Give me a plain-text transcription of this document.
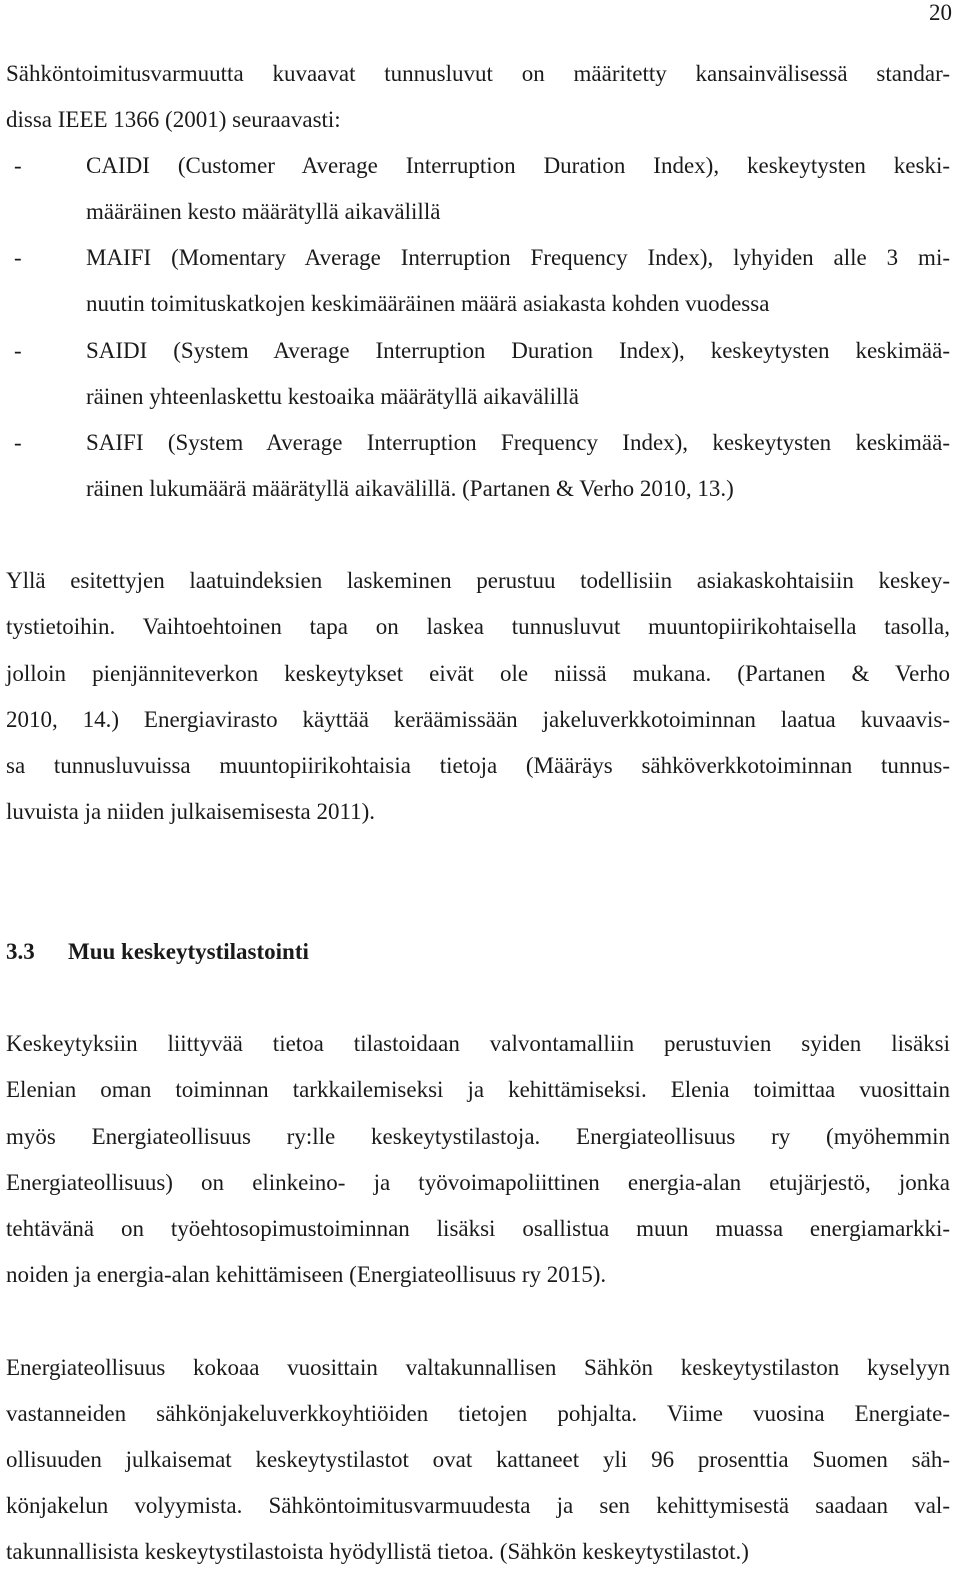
20
Sähköntoimitusvarmuutta kuvaavat tunnusluvut on määritetty kansainvälisessä standar-
dissa IEEE 1366 (2001) seuraavasti:
-	CAIDI (Customer Average Interruption Duration Index), keskeytysten keski-
määräinen kesto määrätyllä aikavälillä
-	MAIFI (Momentary Average Interruption Frequency Index), lyhyiden alle 3 mi-
nuutin toimituskatkojen keskimääräinen määrä asiakasta kohden vuodessa
-	SAIDI (System Average Interruption Duration Index), keskeytysten keskimää-
räinen yhteenlaskettu kestoaika määrätyllä aikavälillä
-	SAIFI (System Average Interruption Frequency Index), keskeytysten keskimää-
räinen lukumäärä määrätyllä aikavälillä. (Partanen & Verho 2010, 13.)
Yllä esitettyjen laatuindeksien laskeminen perustuu todellisiin asiakaskohtaisiin keskey-
tystietoihin. Vaihtoehtoinen tapa on laskea tunnusluvut muuntopiirikohtaisella tasolla,
jolloin pienjänniteverkon keskeytykset eivät ole niissä mukana. (Partanen & Verho
2010, 14.) Energiavirasto käyttää keräämissään jakeluverkkotoiminnan laatua kuvaavis-
sa tunnusluvuissa muuntopiirikohtaisia tietoja (Määräys sähköverkkotoiminnan tunnus-
luvuista ja niiden julkaisemisesta 2011).
3.3 Muu keskeytystilastointi
Keskeytyksiin liittyvää tietoa tilastoidaan valvontamalliin perustuvien syiden lisäksi
Elenian oman toiminnan tarkkailemiseksi ja kehittämiseksi. Elenia toimittaa vuosittain
myös Energiateollisuus ry:lle keskeytystilastoja. Energiateollisuus ry (myöhemmin
Energiateollisuus) on elinkeino- ja työvoimapoliittinen energia-alan etujärjestö, jonka
tehtävänä on työehtosopimustoiminnan lisäksi osallistua muun muassa energiamarkki-
noiden ja energia-alan kehittämiseen (Energiateollisuus ry 2015).
Energiateollisuus kokoaa vuosittain valtakunnallisen Sähkön keskeytystilaston kyselyyn
vastanneiden sähkönjakeluverkkoyhtiöiden tietojen pohjalta. Viime vuosina Energiate-
ollisuuden julkaisemat keskeytystilastot ovat kattaneet yli 96 prosenttia Suomen säh-
könjakelun volyymista. Sähköntoimitusvarmuudesta ja sen kehittymisestä saadaan val-
takunnallisista keskeytystilastoista hyödyllistä tietoa. (Sähkön keskeytystilastot.)
